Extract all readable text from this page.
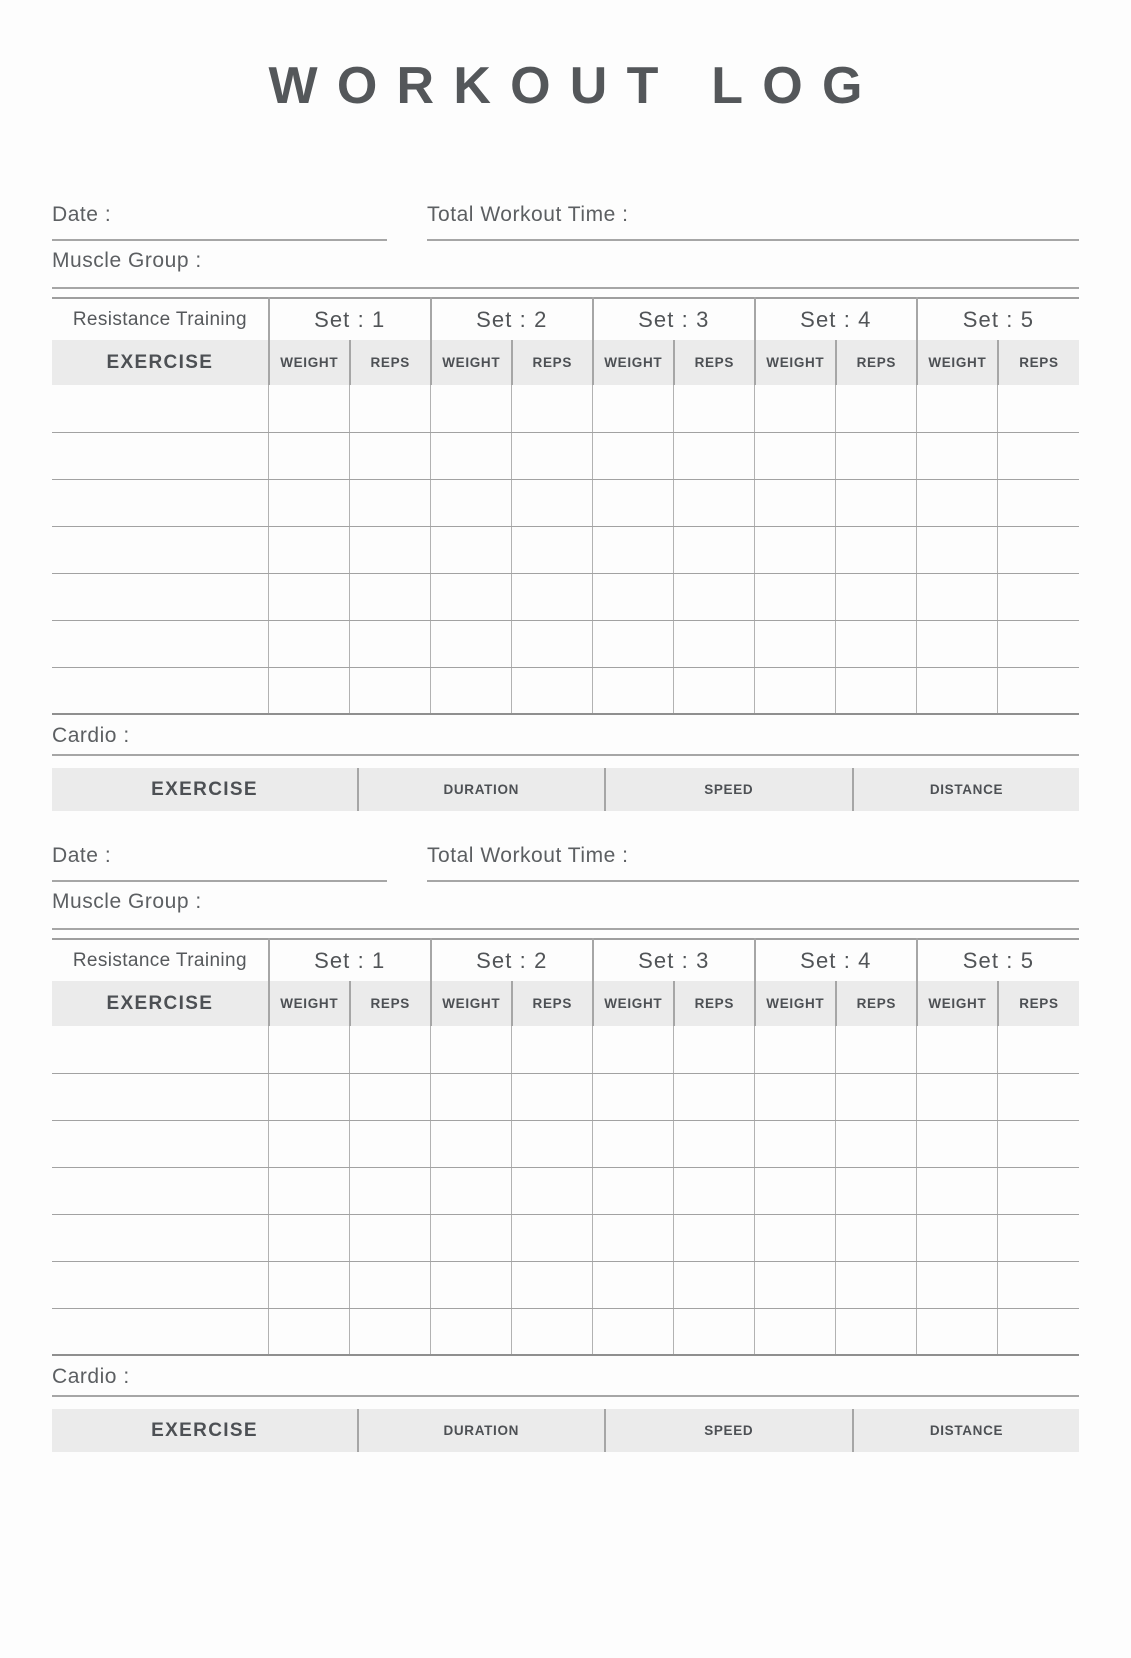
WORKOUT LOG
Date :	Total Workout Time :
Muscle Group :
Resistance Training	Set : 1		Set : 2		Set : 3		Set : 4		Set : 5	
EXERCISE	WEIGHT	REPS	WEIGHT	REPS	WEIGHT	REPS	WEIGHT	REPS	WEIGHT	REPS

Cardio :
EXERCISE	DURATION	SPEED	DISTANCE
Date :	Total Workout Time :
Muscle Group :
Resistance Training	Set : 1		Set : 2		Set : 3		Set : 4		Set : 5	
EXERCISE	WEIGHT	REPS	WEIGHT	REPS	WEIGHT	REPS	WEIGHT	REPS	WEIGHT	REPS

Cardio :
EXERCISE	DURATION	SPEED	DISTANCE
